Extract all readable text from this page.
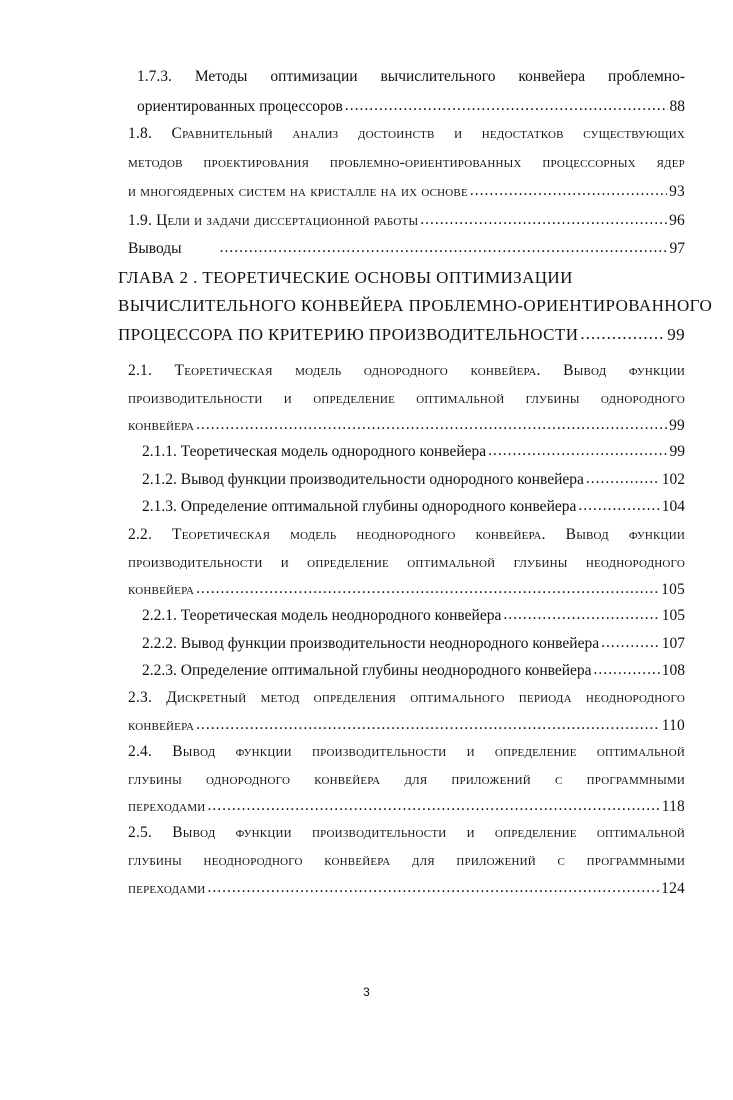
1.7.3. Методы оптимизации вычислительного конвейера проблемно-
ориентированных процессоров .....	88
1.8. Сравнительный анализ достоинств и недостатков существующих
методов проектирования проблемно-ориентированных процессорных ядер
и многоядерных систем на кристалле на их основе .....	93
1.9. Цели и задачи диссертационной работы .....	96
Выводы .....	97
ГЛАВА 2 . ТЕОРЕТИЧЕСКИЕ ОСНОВЫ ОПТИМИЗАЦИИ
ВЫЧИСЛИТЕЛЬНОГО КОНВЕЙЕРА ПРОБЛЕМНО-ОРИЕНТИРОВАННОГО
ПРОЦЕССОРА ПО КРИТЕРИЮ ПРОИЗВОДИТЕЛЬНОСТИ .....	99
2.1. Теоретическая модель однородного конвейера. Вывод функции
производительности и определение оптимальной глубины однородного
конвейера .....	99
2.1.1. Теоретическая модель однородного конвейера .....	99
2.1.2. Вывод функции производительности однородного конвейера .....	102
2.1.3. Определение оптимальной глубины однородного конвейера .....	104
2.2. Теоретическая модель неоднородного конвейера. Вывод функции
производительности и определение оптимальной глубины неоднородного
конвейера .....	105
2.2.1. Теоретическая модель неоднородного конвейера .....	105
2.2.2. Вывод функции производительности неоднородного конвейера .....	107
2.2.3. Определение оптимальной глубины неоднородного конвейера .....	108
2.3. Дискретный метод определения оптимального периода неоднородного
конвейера .....	110
2.4. Вывод функции производительности и определение оптимальной
глубины однородного конвейера для приложений с программными
переходами .....	118
2.5. Вывод функции производительности и определение оптимальной
глубины неоднородного конвейера для приложений с программными
переходами .....	124
3
